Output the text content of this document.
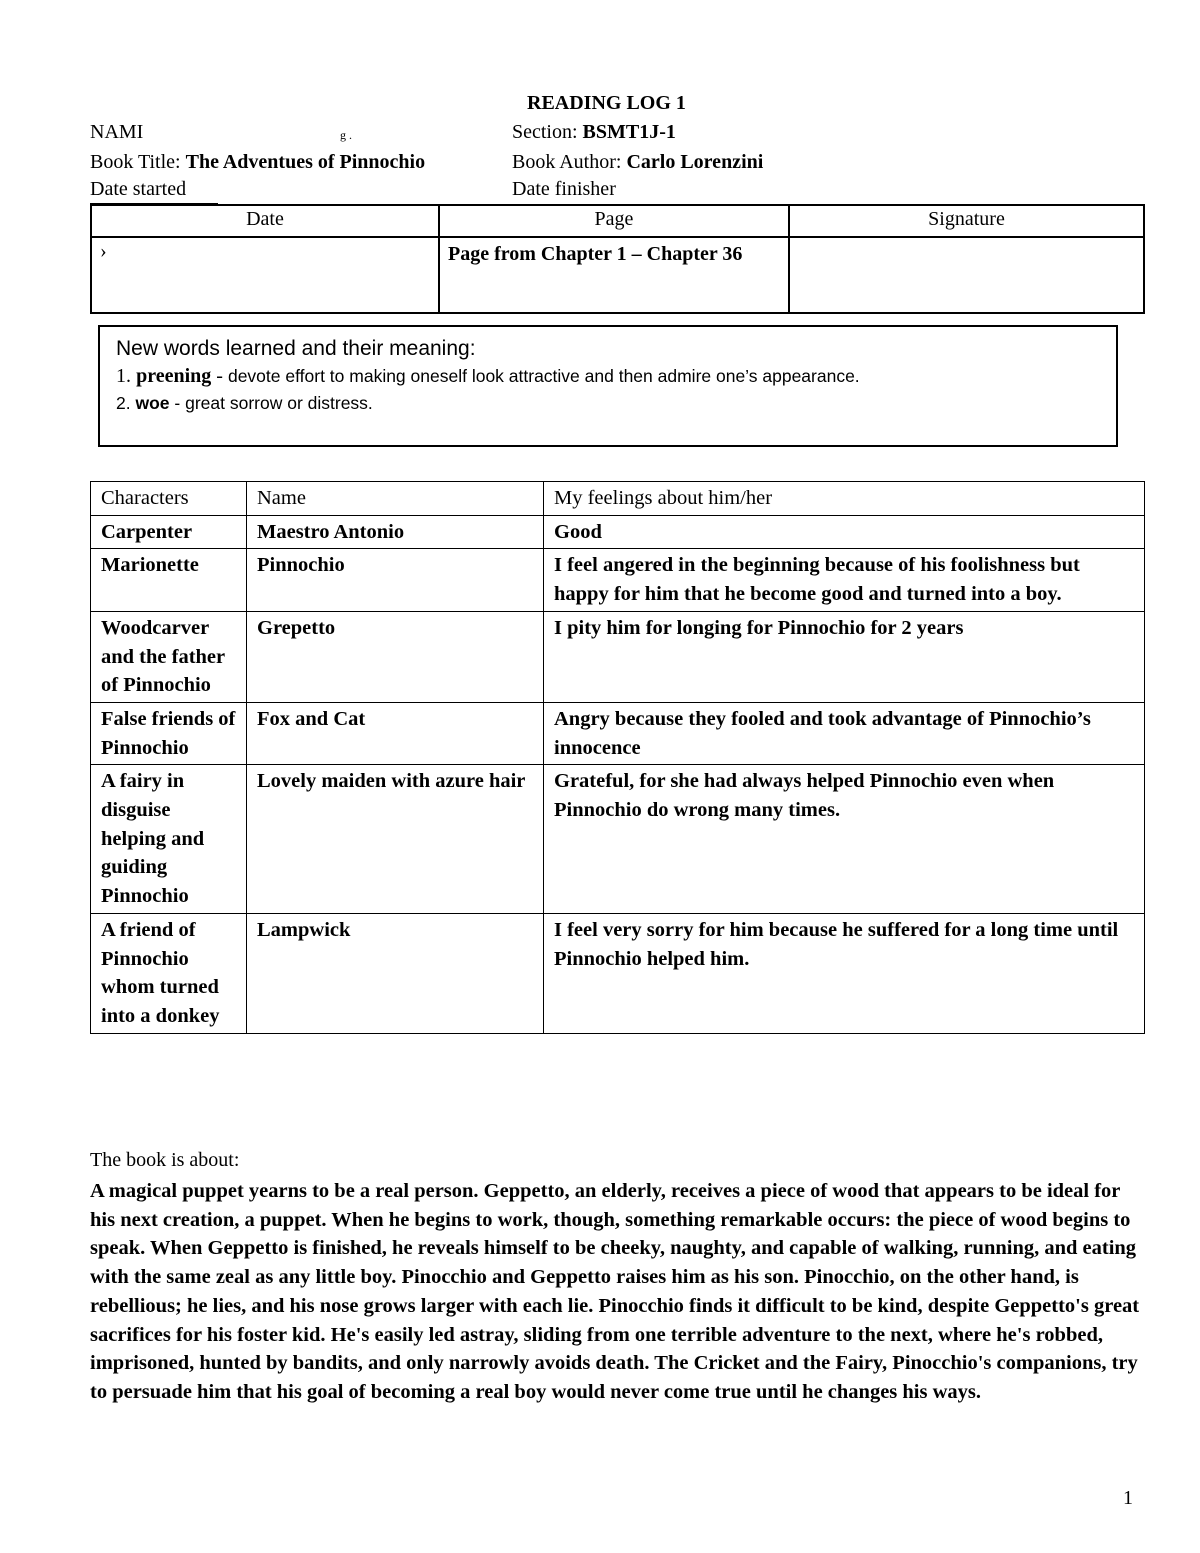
READING LOG 1
NAMI	g .	Section: BSMT1J-1
Book Title: The Adventues of Pinnochio	Book Author: Carlo Lorenzini
Date started	Date finisher
Date	Page	Signature
›	Page from Chapter 1 – Chapter 36	
New words learned and their meaning:
1. preening - devote effort to making oneself look attractive and then admire one’s appearance.
2. woe - great sorrow or distress.
Characters	Name	My feelings about him/her
Carpenter	Maestro Antonio	Good
Marionette	Pinnochio	I feel angered in the beginning because of his foolishness but happy for him that he become good and turned into a boy.
Woodcarver and the father of Pinnochio	Grepetto	I pity him for longing for Pinnochio for 2 years
False friends of Pinnochio	Fox and Cat	Angry because they fooled and took advantage of Pinnochio’s innocence
A fairy in disguise helping and guiding Pinnochio	Lovely maiden with azure hair	Grateful, for she had always helped Pinnochio even when Pinnochio do wrong many times.
A friend of Pinnochio whom turned into a donkey	Lampwick	I feel very sorry for him because he suffered for a long time until Pinnochio helped him.
The book is about:
A magical puppet yearns to be a real person. Geppetto, an elderly, receives a piece of wood that appears to be ideal for his next creation, a puppet. When he begins to work, though, something remarkable occurs: the piece of wood begins to speak. When Geppetto is finished, he reveals himself to be cheeky, naughty, and capable of walking, running, and eating with the same zeal as any little boy. Pinocchio and Geppetto raises him as his son. Pinocchio, on the other hand, is rebellious; he lies, and his nose grows larger with each lie. Pinocchio finds it difficult to be kind, despite Geppetto's great sacrifices for his foster kid. He's easily led astray, sliding from one terrible adventure to the next, where he's robbed, imprisoned, hunted by bandits, and only narrowly avoids death. The Cricket and the Fairy, Pinocchio's companions, try to persuade him that his goal of becoming a real boy would never come true until he changes his ways.
1
